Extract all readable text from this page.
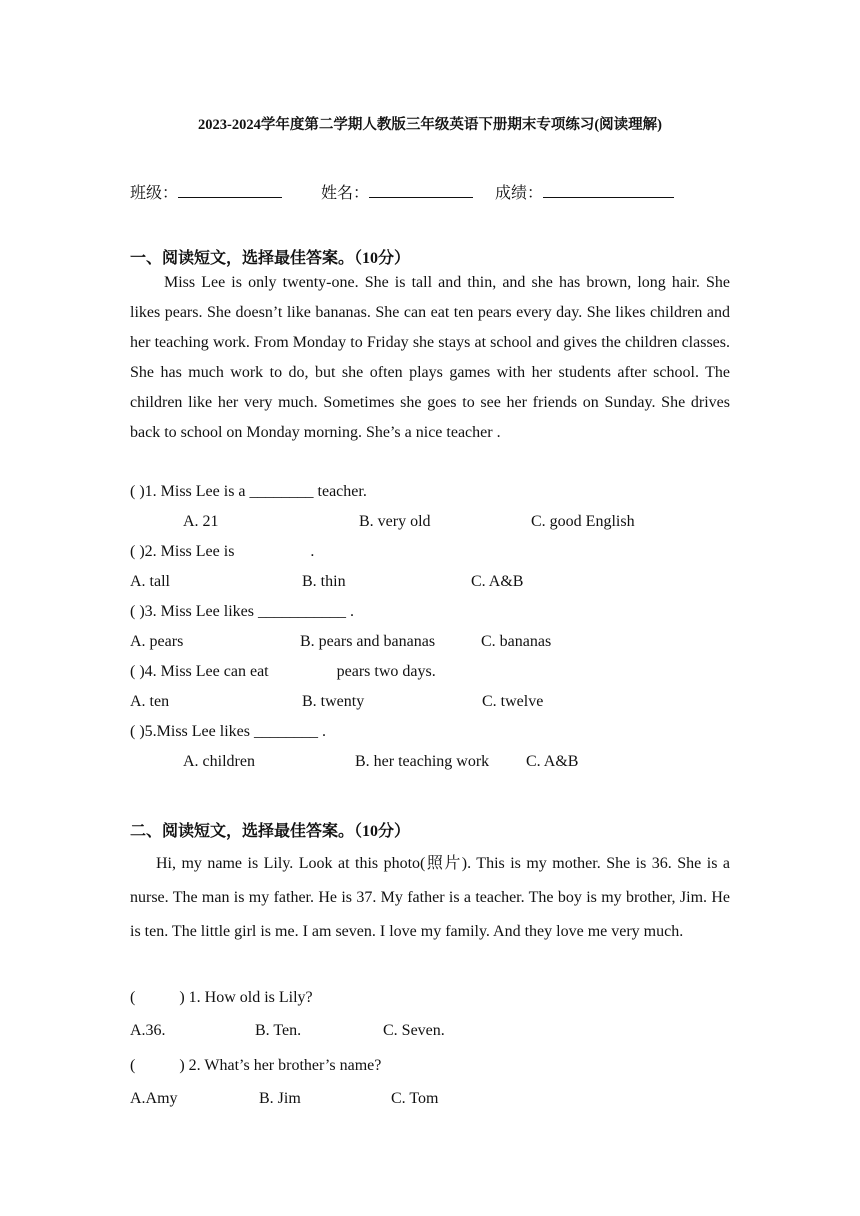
2023-2024学年度第二学期人教版三年级英语下册期末专项练习(阅读理解)
班级：	姓名：	成绩：
一、阅读短文，选择最佳答案。（10分）

Miss Lee is only twenty-one. She is tall and thin, and she has brown, long hair. She likes pears. She doesn’t like bananas. She can eat ten pears every day. She likes children and her teaching work. From Monday to Friday she stays at school and gives the children classes. She has much work to do, but she often plays games with her students after school. The children like her very much. Sometimes she goes to see her friends on Sunday. She drives back to school on Monday morning. She’s a nice teacher .

( )1. Miss Lee is a ________ teacher.
A. 21	B. very old	C. good English
( )2. Miss Lee is                   .
A. tall	B. thin	C. A&B
( )3. Miss Lee likes ___________ .
A. pears	B. pears and bananas	C. bananas
( )4. Miss Lee can eat                 pears two days.
A. ten	B. twenty	C. twelve
( )5.Miss Lee likes ________ .
A. children	B. her teaching work C. A&B
二、阅读短文，选择最佳答案。（10分）

Hi, my name is Lily. Look at this photo(照片). This is my mother. She is 36. She is a nurse. The man is my father. He is 37. My father is a teacher. The boy is my brother, Jim. He is ten. The little girl is me. I am seven. I love my family. And they love me very much.

(           ) 1. How old is Lily?
A.36.	B. Ten.	C. Seven.
(           ) 2. What’s her brother’s name?
A.Amy	B. Jim	C. Tom
